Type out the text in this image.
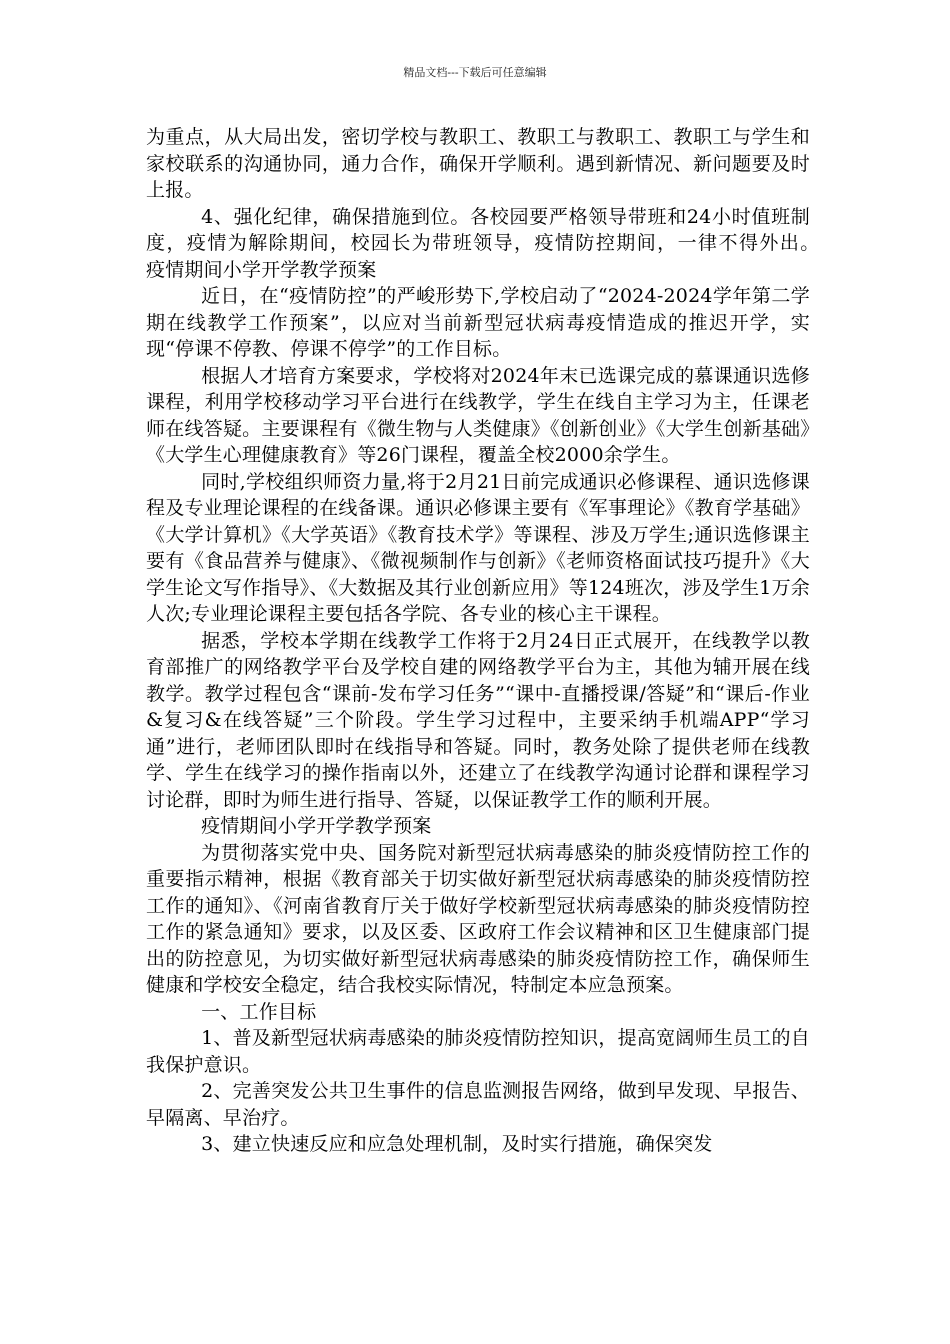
精品文档---下载后可任意编辑

为重点，从大局出发，密切学校与教职工、教职工与教职工、教职工与学生和家校联系的沟通协同，通力合作，确保开学顺利。遇到新情况、新问题要及时上报。

4、强化纪律，确保措施到位。各校园要严格领导带班和24小时值班制度，疫情为解除期间，校园长为带班领导，疫情防控期间，一律不得外出。　　疫情期间小学开学教学预案

近日，在“疫情防控”的严峻形势下,学校启动了“2024-2024学年第二学期在线教学工作预案”，以应对当前新型冠状病毒疫情造成的推迟开学，实现“停课不停教、停课不停学”的工作目标。

根据人才培育方案要求，学校将对2024年末已选课完成的慕课通识选修课程，利用学校移动学习平台进行在线教学，学生在线自主学习为主，任课老师在线答疑。主要课程有《微生物与人类健康》《创新创业》《大学生创新基础》《大学生心理健康教育》等26门课程，覆盖全校2000余学生。

同时,学校组织师资力量,将于2月21日前完成通识必修课程、通识选修课程及专业理论课程的在线备课。通识必修课主要有《军事理论》《教育学基础》《大学计算机》《大学英语》《教育技术学》等课程、涉及万学生;通识选修课主要有《食品营养与健康》、《微视频制作与创新》《老师资格面试技巧提升》《大学生论文写作指导》、《大数据及其行业创新应用》等124班次，涉及学生1万余人次;专业理论课程主要包括各学院、各专业的核心主干课程。

据悉，学校本学期在线教学工作将于2月24日正式展开，在线教学以教育部推广的网络教学平台及学校自建的网络教学平台为主，其他为辅开展在线教学。教学过程包含“课前-发布学习任务”“课中-直播授课/答疑”和“课后-作业&复习&在线答疑”三个阶段。学生学习过程中，主要采纳手机端APP“学习通”进行，老师团队即时在线指导和答疑。同时，教务处除了提供老师在线教学、学生在线学习的操作指南以外，还建立了在线教学沟通讨论群和课程学习讨论群，即时为师生进行指导、答疑，以保证教学工作的顺利开展。

疫情期间小学开学教学预案

为贯彻落实党中央、国务院对新型冠状病毒感染的肺炎疫情防控工作的重要指示精神，根据《教育部关于切实做好新型冠状病毒感染的肺炎疫情防控工作的通知》、《河南省教育厅关于做好学校新型冠状病毒感染的肺炎疫情防控工作的紧急通知》要求，以及区委、区政府工作会议精神和区卫生健康部门提出的防控意见，为切实做好新型冠状病毒感染的肺炎疫情防控工作，确保师生健康和学校安全稳定，结合我校实际情况，特制定本应急预案。

一、工作目标

1、普及新型冠状病毒感染的肺炎疫情防控知识，提高宽阔师生员工的自我保护意识。

2、完善突发公共卫生事件的信息监测报告网络，做到早发现、早报告、早隔离、早治疗。

3、建立快速反应和应急处理机制，及时实行措施，确保突发
